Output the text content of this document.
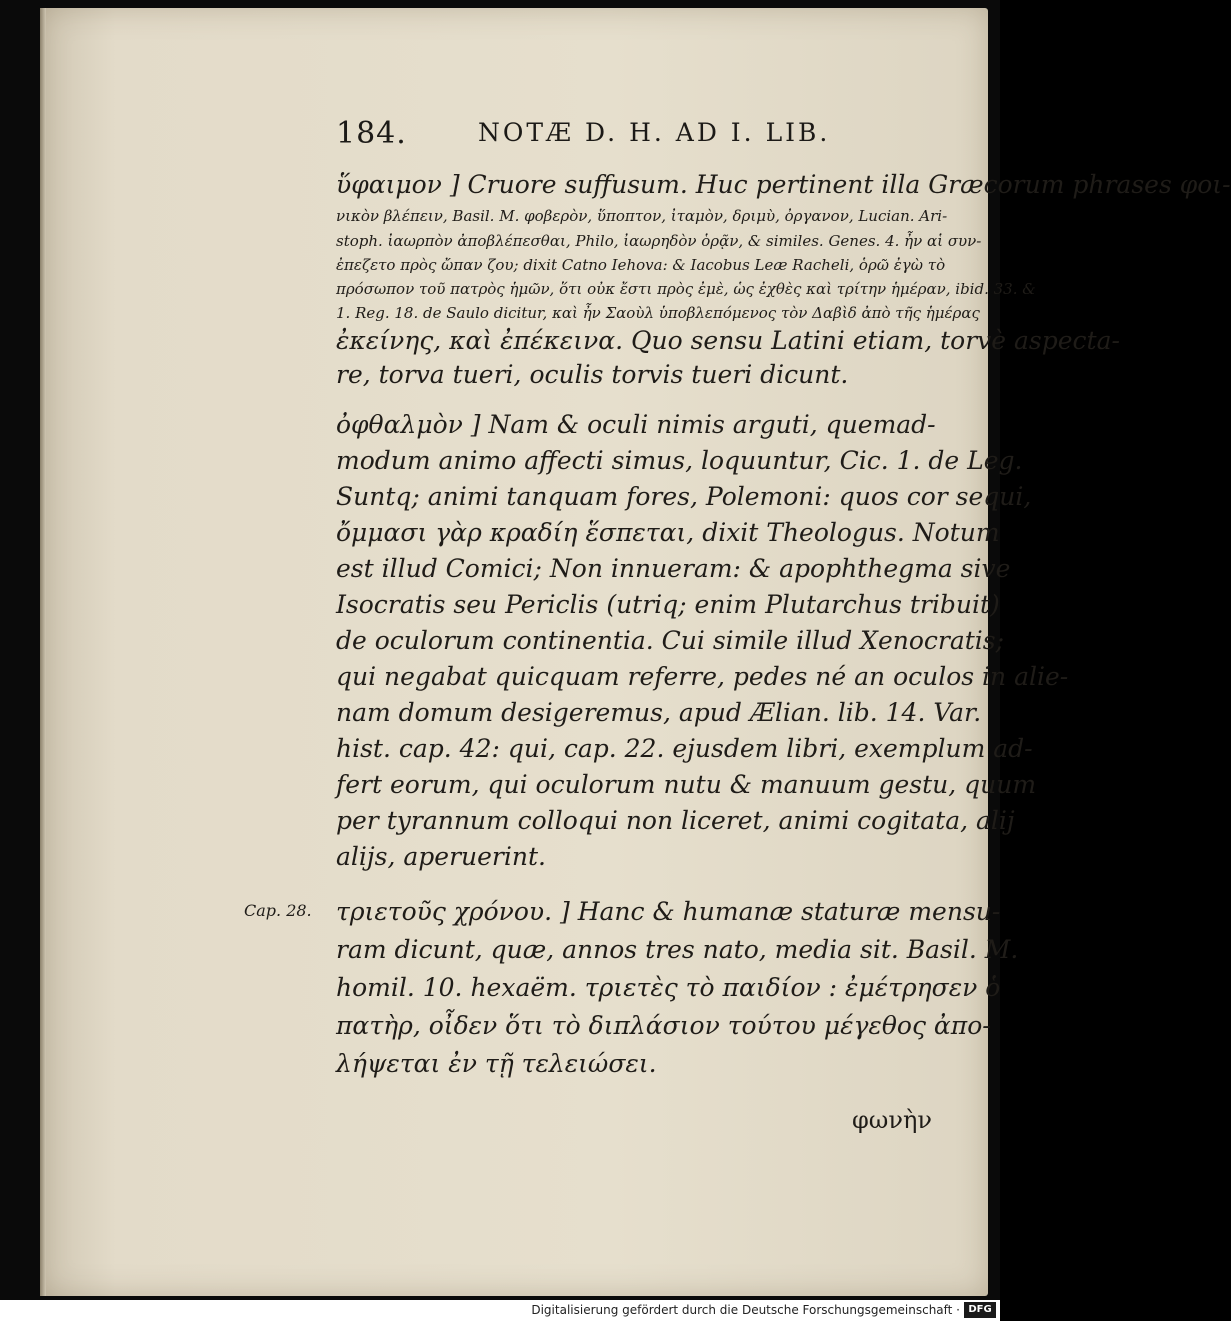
184.	NOTÆ D. H. AD I. LIB.
ὕφαιμον ] Cruore suffusum. Huc pertinent illa Græcorum phrases φοι-
νικὸν βλέπειν, Basil. M. φοβερὸν, ὕποπτον, ἰταμὸν, δριμὺ, ὀργανον, Lucian. Ari-
stoph. ἰαωρπὸν ἀποβλέπεσθαι, Philo, ἰαωρηδὸν ὁρᾷν, & similes. Genes. 4. ἦν αἱ συν-
ἐπεζετο πρὸς ὤπαν ζου; dixit Catno Iehova: & Iacobus Leæ Racheli, ὁρῶ ἐγὼ τὸ
πρόσωπον τοῦ πατρὸς ἡμῶν, ὅτι οὐκ ἔστι πρὸς ἐμὲ, ὡς ἐχθὲς καὶ τρίτην ἡμέραν, ibid. 33. &
1. Reg. 18. de Saulo dicitur, καὶ ἦν Σαοὺλ ὑποβλεπόμενος τὸν Δαβὶδ ἀπὸ τῆς ἡμέρας
ἐκείνης, καὶ ἐπέκεινα. Quo sensu Latini etiam, torvè aspecta-
re, torva tueri, oculis torvis tueri dicunt.
ὀφθαλμὸν ] Nam & oculi nimis arguti, quemad-
modum animo affecti simus, loquuntur, Cic. 1. de Leg.
Suntq; animi tanquam fores, Polemoni: quos cor sequi,
ὄμμασι γὰρ κραδίη ἕσπεται, dixit Theologus. Notum
est illud Comici; Non innueram: & apophthegma sive
Isocratis seu Periclis (utriq; enim Plutarchus tribuit)
de oculorum continentia. Cui simile illud Xenocratis;
qui negabat quicquam referre, pedes né an oculos in alie-
nam domum desigeremus, apud Ælian. lib. 14. Var.
hist. cap. 42: qui, cap. 22. ejusdem libri, exemplum ad-
fert eorum, qui oculorum nutu & manuum gestu, quum
per tyrannum colloqui non liceret, animi cogitata, alij
alijs, aperuerint.
Cap. 28. τριετοῦς χρόνου. ] Hanc & humanæ staturæ mensu-
ram dicunt, quæ, annos tres nato, media sit. Basil. M.
homil. 10. hexaëm. τριετὲς τὸ παιδίον : ἐμέτρησεν ὁ
πατὴρ, οἶδεν ὅτι τὸ διπλάσιον τούτου μέγεθος ἀπο-
λήψεται ἐν τῇ τελειώσει.
φωνὴν
Digitalisierung gefördert durch die Deutsche Forschungsgemeinschaft · DFG
